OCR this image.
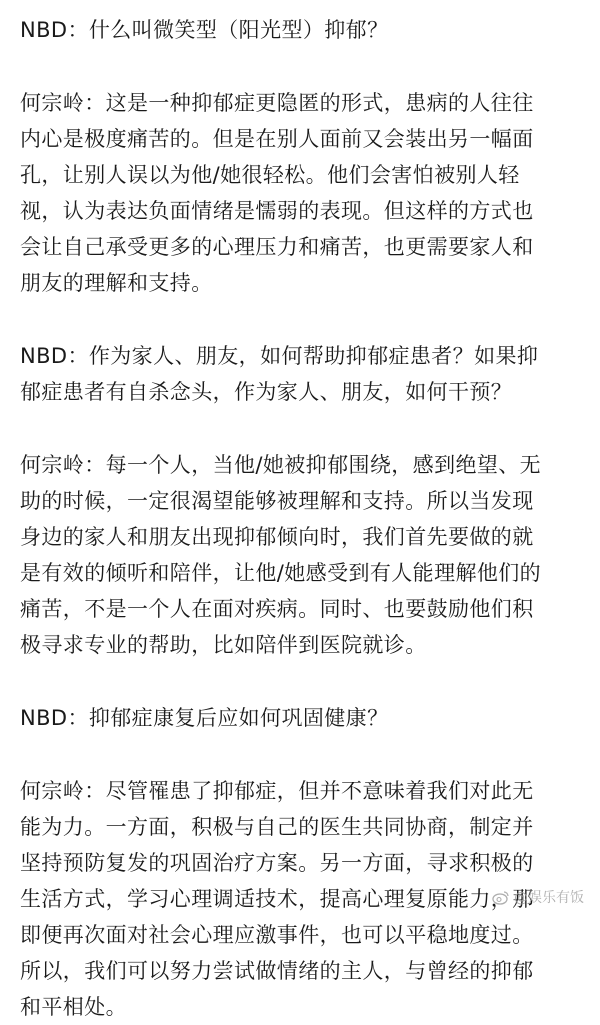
NBD：什么叫微笑型（阳光型）抑郁？

何宗岭：这是一种抑郁症更隐匿的形式，患病的人往往
内心是极度痛苦的。但是在别人面前又会装出另一幅面
孔，让别人误以为他/她很轻松。他们会害怕被别人轻
视，认为表达负面情绪是懦弱的表现。但这样的方式也
会让自己承受更多的心理压力和痛苦，也更需要家人和
朋友的理解和支持。

NBD：作为家人、朋友，如何帮助抑郁症患者？如果抑
郁症患者有自杀念头，作为家人、朋友，如何干预？

何宗岭：每一个人，当他/她被抑郁围绕，感到绝望、无
助的时候，一定很渴望能够被理解和支持。所以当发现
身边的家人和朋友出现抑郁倾向时，我们首先要做的就
是有效的倾听和陪伴，让他/她感受到有人能理解他们的
痛苦，不是一个人在面对疾病。同时、也要鼓励他们积
极寻求专业的帮助，比如陪伴到医院就诊。

NBD：抑郁症康复后应如何巩固健康？

何宗岭：尽管罹患了抑郁症，但并不意味着我们对此无
能为力。一方面，积极与自己的医生共同协商，制定并
坚持预防复发的巩固治疗方案。另一方面，寻求积极的
生活方式，学习心理调适技术，提高心理复原能力，那
即便再次面对社会心理应激事件，也可以平稳地度过。
所以，我们可以努力尝试做情绪的主人，与曾经的抑郁
和平相处。

@娱乐有饭
